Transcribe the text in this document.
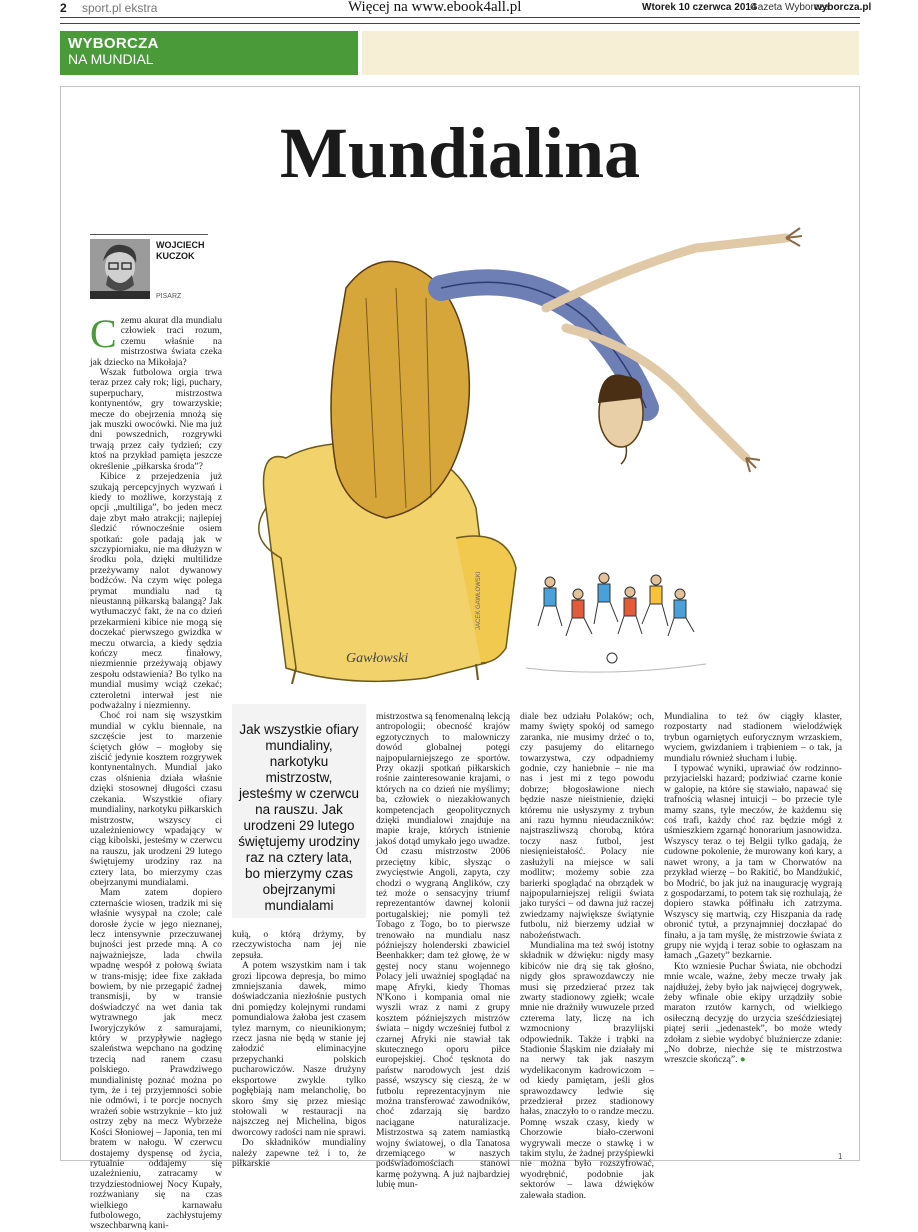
2 sport.pl ekstra	Więcej na www.ebook4all.pl	Wtorek 10 czerwca 2014
Gazeta Wyborcza
wyborcza.pl
WYBORCZA
NA MUNDIAL
Mundialina
WOJCIECH
KUCZOK
PISARZ
Gawłowski
JACEK GAWŁOWSKI

Czemu akurat dla mundialu człowiek traci rozum, czemu właśnie na mistrzostwa świata czeka jak dziecko na Mikołaja?

Wszak futbolowa orgia trwa teraz przez cały rok; ligi, puchary, superpuchary, mistrzostwa kontynentów, gry towarzyskie; mecze do obejrzenia mnożą się jak muszki owocówki. Nie ma już dni powszednich, rozgrywki trwają przez cały tydzień; czy ktoś na przykład pamięta jeszcze określenie „piłkarska środa”?

Kibice z przejedzenia już szukają percepcyjnych wyzwań i kiedy to możliwe, korzystają z opcji „multiliga”, bo jeden mecz daje zbyt mało atrakcji; najlepiej śledzić równocześnie osiem spotkań: gole padają jak w szczypiorniaku, nie ma dłużyzn w środku pola, dzięki multilidze przeżywamy nalot dywanowy bodźców. Na czym więc polega prymat mundialu nad tą nieustanną piłkarską balangą? Jak wytłumaczyć fakt, że na co dzień przekarmieni kibice nie mogą się doczekać pierwszego gwizdka w meczu otwarcia, a kiedy sędzia kończy mecz finałowy, niezmiennie przeżywają objawy zespołu odstawienia? Bo tylko na mundial musimy wciąż czekać; czteroletni interwał jest nie podważalny i niezmienny.

Choć roi nam się wszystkim mundial w cyklu biennale, na szczęście jest to marzenie ściętych głów – mogłoby się ziścić jedynie kosztem rozgrywek kontynentalnych. Mundial jako czas olśnienia działa właśnie dzięki stosownej długości czasu czekania. Wszystkie ofiary mundialiny, narkotyku piłkarskich mistrzostw, wszyscy ci uzależnieniowcy wpadający w ciąg kibolski, jesteśmy w czerwcu na rauszu, jak urodzeni 29 lutego świętujemy urodziny raz na cztery lata, bo mierzymy czas obejrzanymi mundialami.

Mam zatem dopiero czternaście wiosen, tradzik mi się właśnie wysypał na czole; cale dorosłe życie w jego nieznanej, lecz intensywnie przeczuwanej bujności jest przede mną. A co najważniejsze, lada chwila wpadnę wespół z połową świata w trans-misję; idee fixe zakłada bowiem, by nie przegapić żadnej transmisji, by w transie doświadczyć na wet dania tak wytrawnego jak mecz Iworyjczyków z samurajami, który w przypływie nagłego szaleństwa wepchano na godzinę trzecią nad ranem czasu polskiego. Prawdziwego mundialinistę poznać można po tym, że i tej przyjemności sobie nie odmówi, i te porcje nocnych wrażeń sobie wstrzyknie – kto już ostrzy zęby na mecz Wybrzeże Kości Słoniowej – Japonia, ten mi bratem w nałogu. W czerwcu dostajemy dyspensę od życia, rytualnie oddajemy się uzależnieniu, zatracamy w trzydziestodniowej Nocy Kupały, rozźwaniany się na czas wielkiego karnawału futbolowego, zachłystujemy wszechbarwną kani-

Jak wszystkie ofiary mundialiny, narkotyku mistrzostw, jesteśmy w czerwcu na rauszu. Jak urodzeni 29 lutego świętujemy urodziny raz na cztery lata, bo mierzymy czas obejrzanymi mundialami

kułą, o którą drżymy, by rzeczywistocha nam jej nie zepsuła.

A potem wszystkim nam i tak grozi lipcowa depresja, bo mimo zmniejszania dawek, mimo doświadczania niezłośnie pustych dni pomiędzy kolejnymi rundami pomundialowa żałoba jest czasem tylez marnym, co nieunikionym; rzecz jasna nie będą w stanie jej załodzić eliminacyjne przepychanki polskich pucharowiczów. Nasze drużyny eksportowe zwykle tylko pogłębiają nam melancholię, bo skoro śmy się przez miesiąc stołowali w restauracji na najszczeg nej Michelina, bigos dworcowy radości nam nie sprawi.

Do składników mundialiny należy zapewne też i to, że piłkarskie

mistrzostwa są fenomenalną lekcją antropologii; obecność krajów egzotycznych to malowniczy dowód globalnej potęgi najpopularniejszego ze sportów. Przy okazji spotkań piłkarskich rośnie zainteresowanie krajami, o których na co dzień nie myślimy; ba, człowiek o niezakłowanych kompetencjach geopolitycznych dzięki mundialowi znajduje na mapie kraje, których istnienie jakoś dotąd umykało jego uwadze. Od czasu mistrzostw 2006 przeciętny kibic, słysząc o zwycięstwie Angoli, zapyta, czy chodzi o wygraną Anglików, czy też może o sensacyjny triumf reprezentantów dawnej kolonii portugalskiej; nie pomyli też Tobago z Togo, bo to pierwsze trenowało na mundialu nasz późniejszy holenderski zbawiciel Beenhakker; dam też głowę, że w gęstej nocy stanu wojennego Polacy jeli uważniej spoglądać na mapę Afryki, kiedy Thomas N'Kono i kompania omal nie wyszli wraz z nami z grupy kosztem późniejszych mistrzów świata – nigdy wcześniej futbol z czarnej Afryki nie stawiał tak skutecznego oporu piłce europejskiej. Choć tęsknota do państw narodowych jest dziś passé, wszyscy się cieszą, że w futbolu reprezentacyjnym nie można transferować zawodników, choć zdarzają się bardzo naciągane naturalizacje. Mistrzostwa są zatem namiastką wojny światowej, o dla Tanatosa drzemiącego w naszych podświadomościach stanowi karmę pożywną. A już najbardziej lubię mun-

diale bez udziału Polaków; och, mamy święty spokój od samego zaranka, nie musimy drżeć o to, czy pasujemy do elitarnego towarzystwa, czy odpadniemy godnie, czy haniebnie – nie ma nas i jest mi z tego powodu dobrze; błogosławione niech będzie nasze nieistnienie, dzięki któremu nie usłyszymy z trybun ani razu hymnu nieudaczników: najstraszliwszą chorobą, która toczy nasz futbol, jest niesięnieistałość. Polacy nie zasłużyli na miejsce w sali modlitw; możemy sobie zza barierki spoglądać na obrządek w najpopularniejszej religii świata jako turyści – od dawna już raczej zwiedzamy największe świątynie futbolu, niż bierzemy udział w nabożeństwach.

Mundialina ma też swój istotny składnik w dźwięku: nigdy masy kibiców nie drą się tak głośno, nigdy głos sprawozdawczy nie musi się przedzierać przez tak zwarty stadionowy zgiełk; wcale mnie nie drażniły wuwuzele przed czterema laty, liczę na ich wzmocniony brazylijski odpowiednik. Także i trąbki na Stadionie Śląskim nie działały mi na nerwy tak jak naszym wydelikaconym kadrowiczom – od kiedy pamiętam, jeśli głos sprawozdawcy ledwie się przedzierał przez stadionowy hałas, znaczyło to o randze meczu. Pomnę wszak czasy, kiedy w Chorzowie biało-czerwoni wygrywali mecze o stawkę i w takim stylu, że żadnej przyśpiewki nie można było rozszyfrować, wyodrębnić, podobnie jak sektorów – lawa dźwięków zalewała stadion.

Mundialina to też ów ciągły klaster, rozpostarty nad stadionem wielodźwięk trybun ogarniętych euforycznym wrzaskiem, wyciem, gwizdaniem i trąbieniem – o tak, ja mundialu również słucham i lubię.

I typować wyniki, uprawiać ów rodzinno-przyjacielski hazard; podziwiać czarne konie w galopie, na które się stawiało, napawać się trafnością własnej intuicji – bo przecie tyle mamy szans, tyle meczów, że każdemu się coś trafi, każdy choć raz będzie mógł z uśmieszkiem zgarnąć honorarium jasnowidza. Wszyscy teraz o tej Belgii tylko gadają, że cudowne pokolenie, że murowany koń kary, a nawet wrony, a ja tam w Chorwatów na przykład wierzę – bo Rakitić, bo Mandżukić, bo Modrić, bo jak już na inaugurację wygrają z gospodarzami, to potem tak się rozhulają, że dopiero stawka półfinału ich zatrzyma. Wszyscy się martwią, czy Hiszpania da radę obronić tytuł, a przynajmniej doczłapać do finału, a ja tam myślę, że mistrzowie świata z grupy nie wyjdą i teraz sobie to ogłaszam na łamach „Gazety” bezkarnie.

Kto wzniesie Puchar Świata, nie obchodzi mnie wcale, ważne, żeby mecze trwały jak najdłużej, żeby było jak najwięcej dogrywek, żeby wfinale obie ekipy urządziły sobie maraton rzutów karnych, od wielkiego osiłeczną decyzję do urzycia sześćdziesiątej piątej serii „jedenastek”, bo może wtedy zdołam z siebie wydobyć bluźniercze zdanie: „No dobrze, niechże się te mistrzostwa wreszcie skończą”. ●

1
